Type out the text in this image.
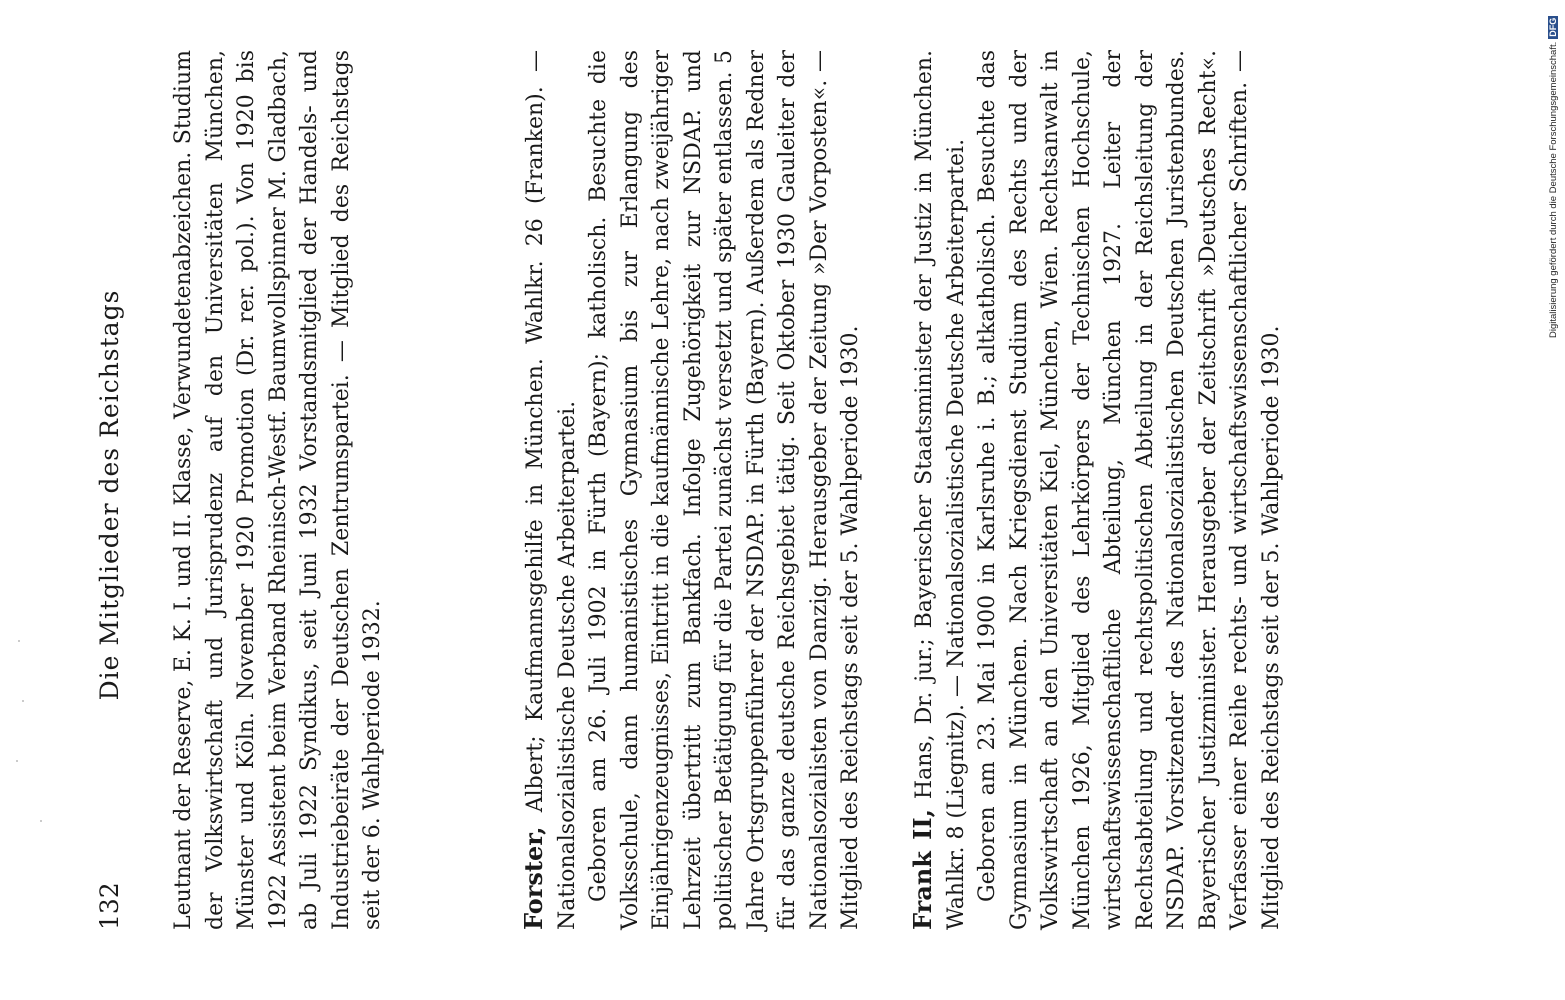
132
Die Mitglieder des Reichstags Leutnant der Reserve, E. K. I. und II. Klasse, Verwundetenabzeichen. Studium der Volkswirtschaft und Jurisprudenz auf den Universitäten München, Münster und Köln. November 1920 Promotion (Dr. rer. pol.). Von 1920 bis 1922 Assistent beim Verband Rheinisch-Westf. Baumwollspinner M. Gladbach, ab Juli 1922 Syndikus, seit Juni 1932 Vorstandsmitglied der Handels- und Industriebeiräte der Deutschen Zentrumspartei. — Mitglied des Reichstags seit der 6. Wahlperiode 1932.	Forster, Albert; Kaufmannsgehilfe in München. Wahlkr. 26 (Franken). — Nationalsozialistische Deutsche Arbeiterpartei. Geboren am 26. Juli 1902 in Fürth (Bayern); katholisch. Besuchte die Volksschule, dann humanistisches Gymnasium bis zur Erlangung des Einjährigenzeugnisses, Eintritt in die kaufmännische Lehre, nach zweijähriger Lehrzeit übertritt zum Bankfach. Infolge Zugehörigkeit zur NSDAP. und politischer Betätigung für die Partei zunächst versetzt und später entlassen. 5 Jahre Ortsgruppenführer der NSDAP. in Fürth (Bayern). Außerdem als Redner für das ganze deutsche Reichsgebiet tätig. Seit Oktober 1930 Gauleiter der Nationalsozialisten von Danzig. Herausgeber der Zeitung »Der Vorposten«. — Mitglied des Reichstags seit der 5. Wahlperiode 1930. Frank II, Hans, Dr. jur.; Bayerischer Staatsminister der Justiz in München. Wahlkr. 8 (Liegnitz). — Nationalsozialistische Deutsche Arbeiterpartei. Geboren am 23. Mai 1900 in Karlsruhe i. B.; altkatholisch. Besuchte das Gymnasium in München. Nach Kriegsdienst Studium des Rechts und der Volkswirtschaft an den Universitäten Kiel, München, Wien. Rechtsanwalt in München 1926, Mitglied des Lehrkörpers der Technischen Hochschule, wirtschaftswissenschaftliche Abteilung, München 1927. Leiter der Rechtsabteilung und rechtspolitischen Abteilung in der Reichsleitung der NSDAP. Vorsitzender des Nationalsozialistischen Deutschen Juristenbundes. Bayerischer Justizminister. Herausgeber der Zeitschrift »Deutsches Recht«. Verfasser einer Reihe rechts- und wirtschaftswissenschaftlicher Schriften. — Mitglied des Reichstags seit der 5. Wahlperiode 1930.

Digitalisierung gefördert durch die Deutsche Forschungsgemeinschaft.DFG
